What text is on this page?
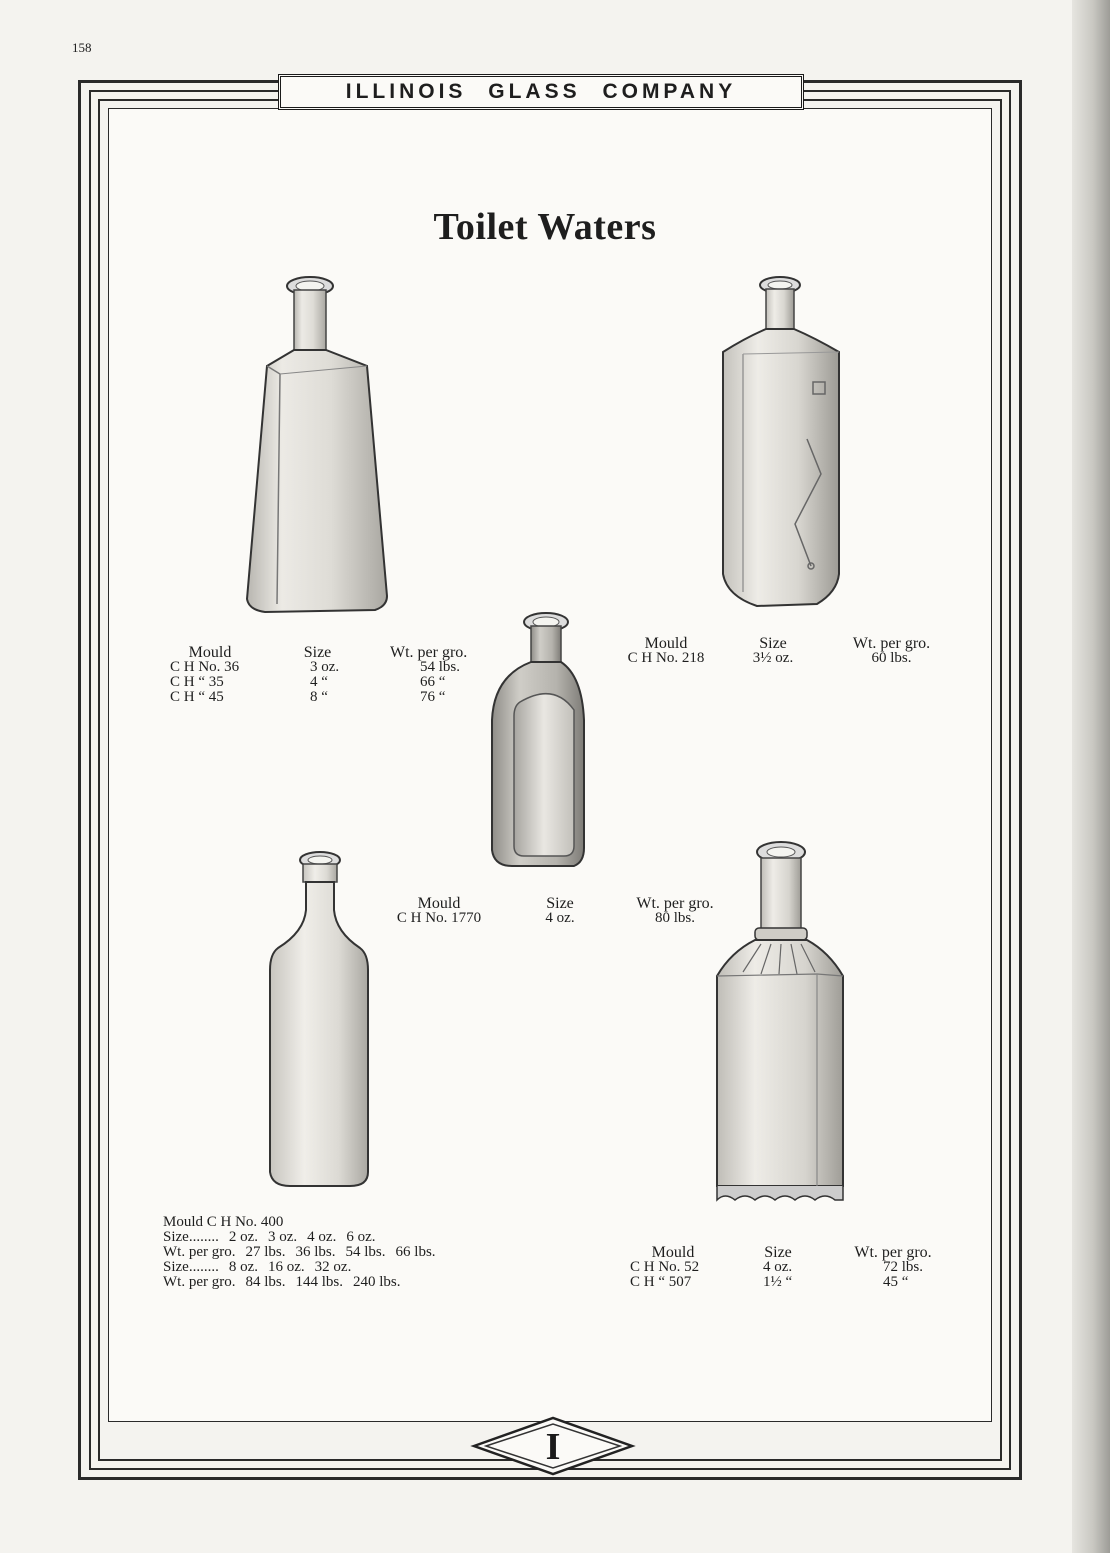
158
ILLINOIS GLASS COMPANY
Toilet Waters
Mould	Size	Wt. per gro.
C H No. 36	3 oz.	54 lbs.
C H “ 35	4 “	66 “
C H “ 45	8 “	76 “
Mould	Size	Wt. per gro.
C H No. 218	3½ oz.	60 lbs.
Mould	Size	Wt. per gro.
C H No. 1770	4 oz.	80 lbs.
Mould C H No. 400
Size........ 2 oz. 3 oz. 4 oz. 6 oz.
Wt. per gro. 27 lbs. 36 lbs. 54 lbs. 66 lbs.
Size........ 8 oz. 16 oz. 32 oz.
Wt. per gro. 84 lbs. 144 lbs. 240 lbs.
Mould	Size	Wt. per gro.
C H No. 52	4 oz.	72 lbs.
C H “ 507	1½ “	45 “
I
